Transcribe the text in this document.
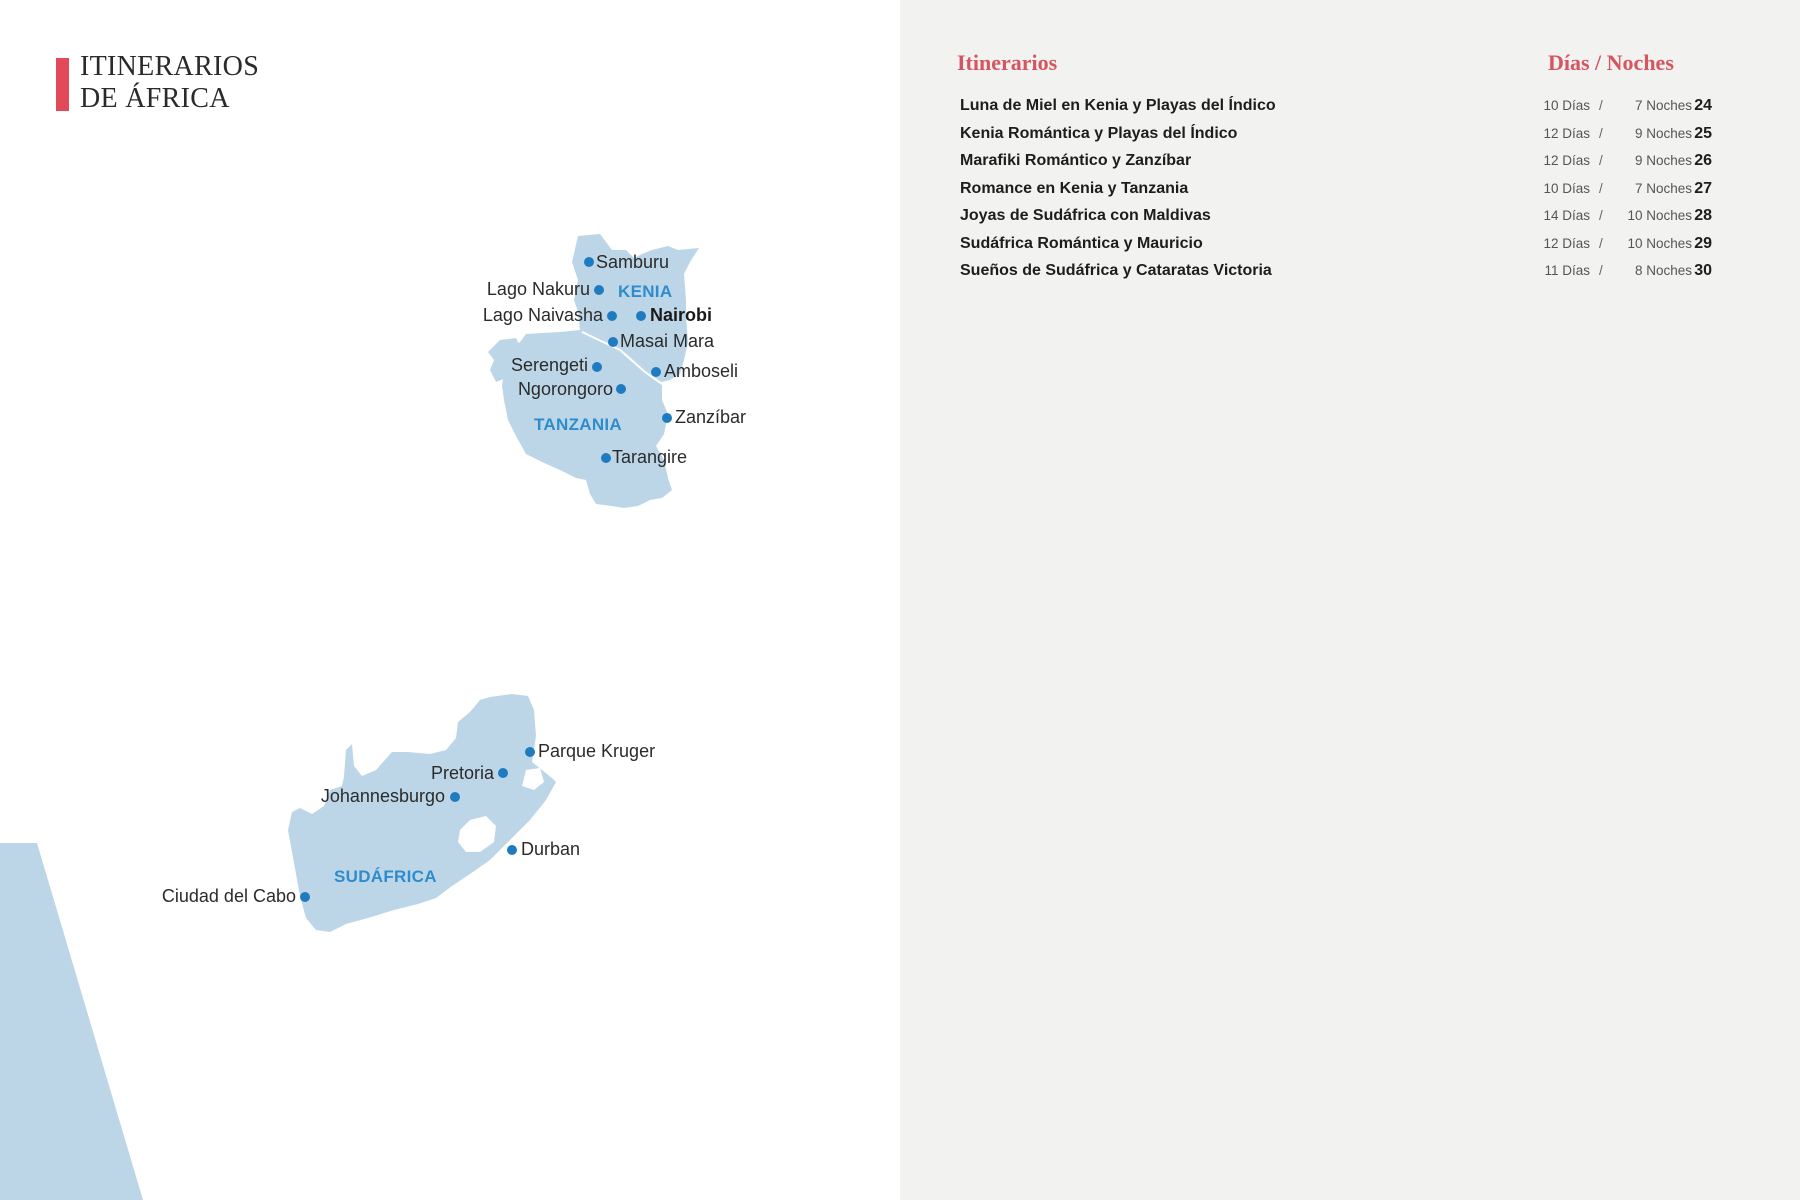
ITINERARIOS
DE ÁFRICA
Samburu
Lago Nakuru KENIA
Lago Naivasha	Nairobi
Masai Mara
Serengeti	Amboseli
Ngorongoro
Zanzíbar
TANZANIA
Tarangire
Parque Kruger
Pretoria
Johannesburgo
Durban
SUDÁFRICA
Ciudad del Cabo
Itinerarios	Días / Noches
Luna de Miel en Kenia y Playas del Índico	10 Días /	7 Noches 24
Kenia Romántica y Playas del Índico	12 Días /	9 Noches 25
Marafiki Romántico y Zanzíbar	12 Días /	9 Noches 26
Romance en Kenia y Tanzania	10 Días /	7 Noches 27
Joyas de Sudáfrica con Maldivas	14 Días /	10 Noches 28
Sudáfrica Romántica y Mauricio	12 Días /	10 Noches 29
Sueños de Sudáfrica y Cataratas Victoria	11 Días /	8 Noches 30
